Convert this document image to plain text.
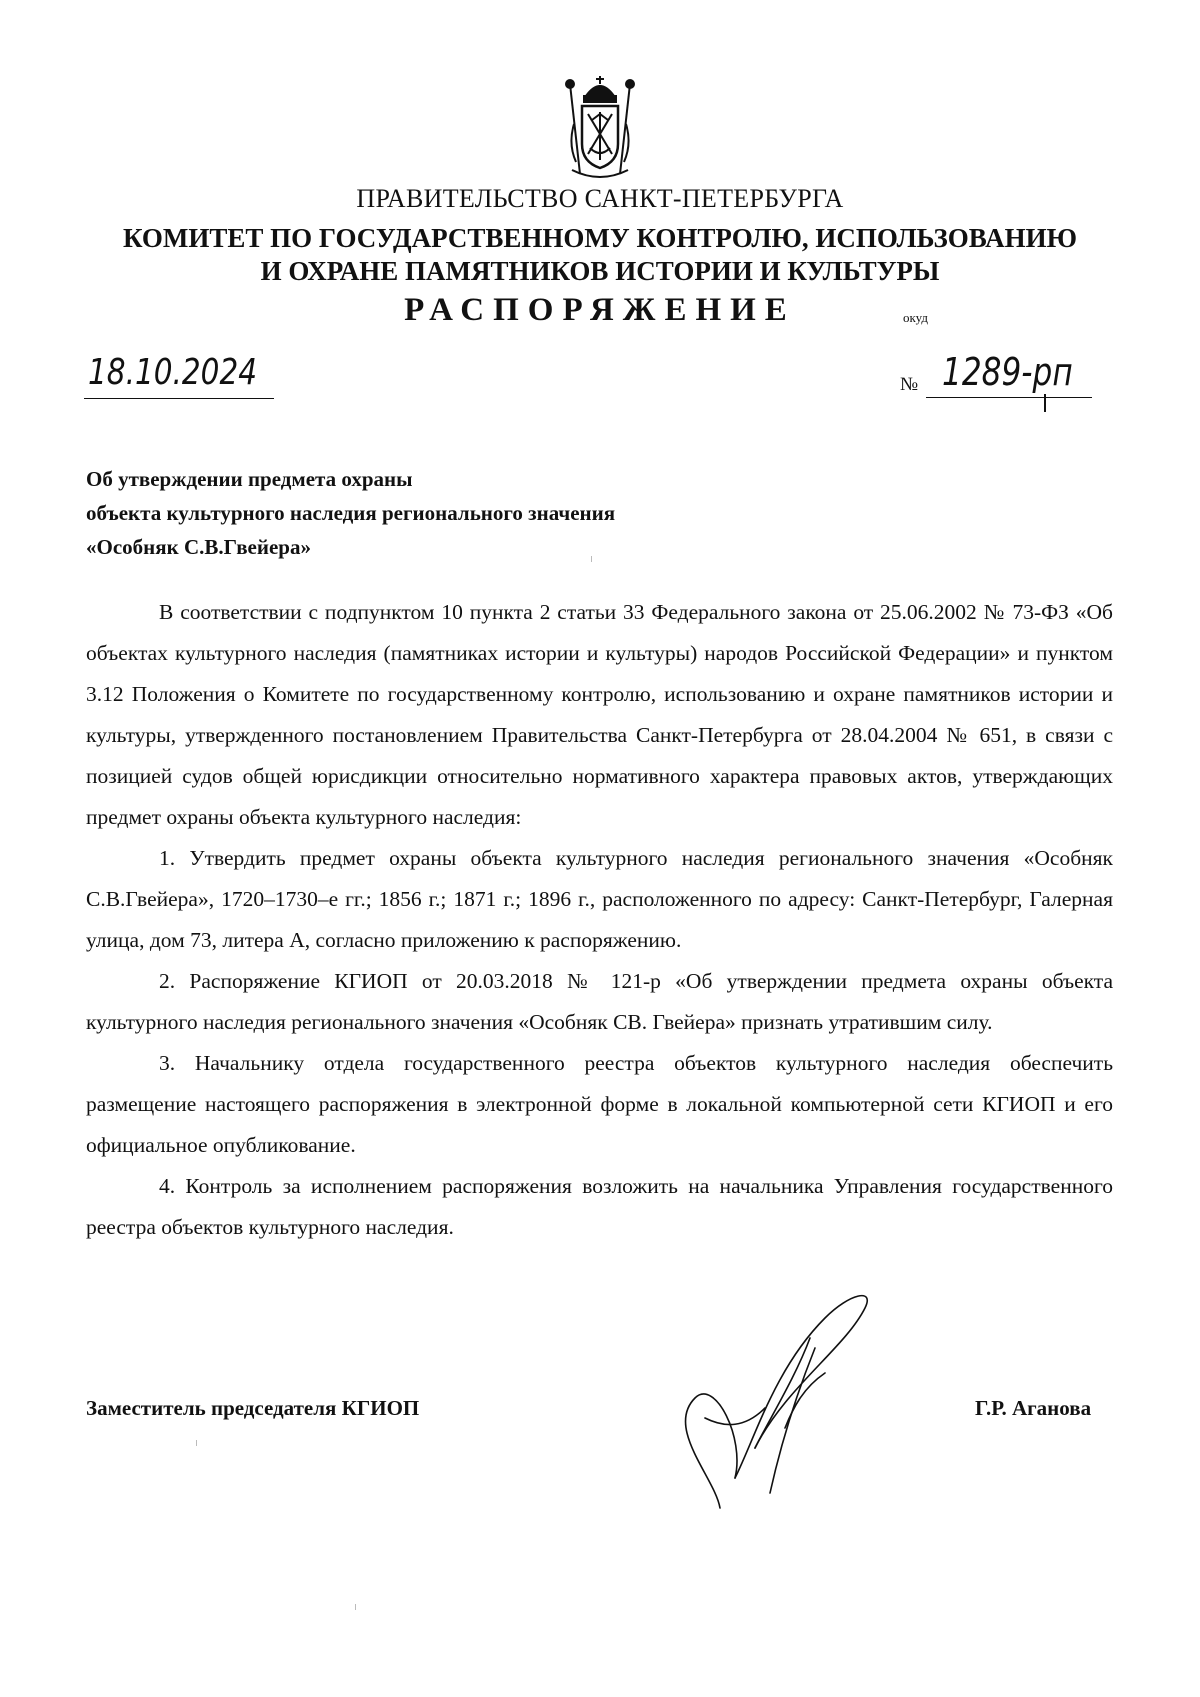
ПРАВИТЕЛЬСТВО САНКТ-ПЕТЕРБУРГА
КОМИТЕТ ПО ГОСУДАРСТВЕННОМУ КОНТРОЛЮ, ИСПОЛЬЗОВАНИЮ
И ОХРАНЕ ПАМЯТНИКОВ ИСТОРИИ И КУЛЬТУРЫ
РАСПОРЯЖЕНИЕ	окуд
18.10.2024	№ 1289-рп
Об утверждении предмета охраны
объекта культурного наследия регионального значения
«Особняк С.В.Гвейера»

В соответствии с подпунктом 10 пункта 2 статьи 33 Федерального закона от 25.06.2002 № 73-ФЗ «Об объектах культурного наследия (памятниках истории и культуры) народов Российской Федерации» и пунктом 3.12 Положения о Комитете по государственному контролю, использованию и охране памятников истории и культуры, утвержденного постановлением Правительства Санкт-Петербурга от 28.04.2004 № 651, в связи с позицией судов общей юрисдикции относительно нормативного характера правовых актов, утверждающих предмет охраны объекта культурного наследия:

1. Утвердить предмет охраны объекта культурного наследия регионального значения «Особняк С.В.Гвейера», 1720–1730–е гг.; 1856 г.; 1871 г.; 1896 г., расположенного по адресу: Санкт-Петербург, Галерная улица, дом 73, литера А, согласно приложению к распоряжению.

2. Распоряжение КГИОП от 20.03.2018 № 121-р «Об утверждении предмета охраны объекта культурного наследия регионального значения «Особняк СВ. Гвейера» признать утратившим силу.

3. Начальнику отдела государственного реестра объектов культурного наследия обеспечить размещение настоящего распоряжения в электронной форме в локальной компьютерной сети КГИОП и его официальное опубликование.

4. Контроль за исполнением распоряжения возложить на начальника Управления государственного реестра объектов культурного наследия.

Заместитель председателя КГИОП	Г.Р. Аганова
